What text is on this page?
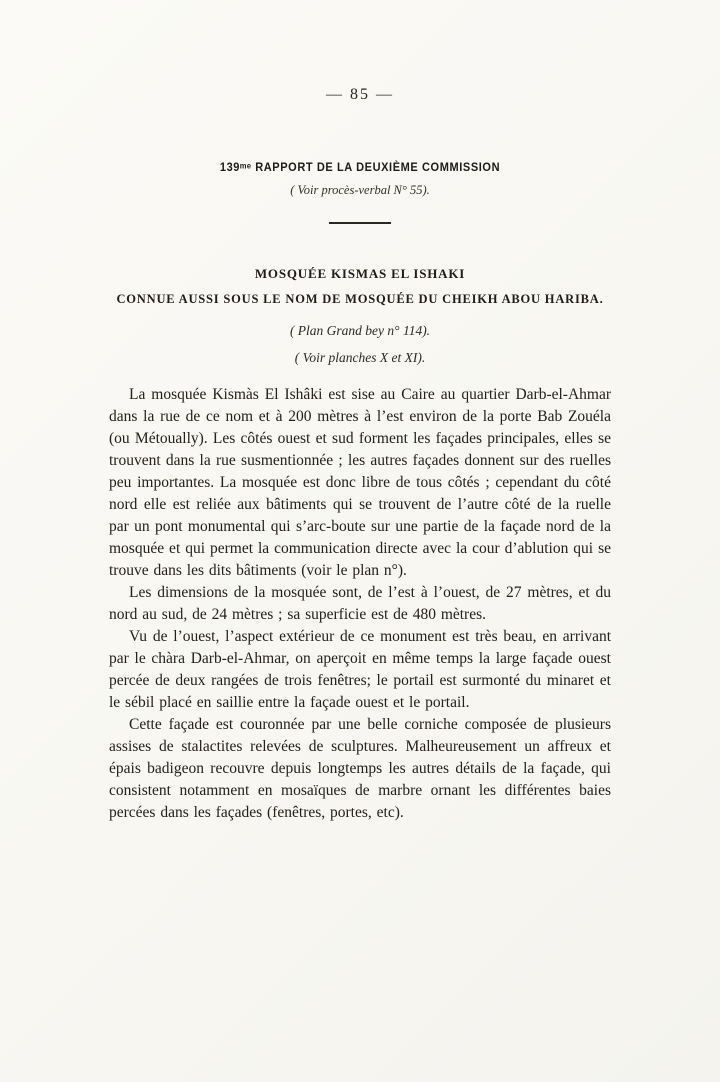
— 85 —
139ᵐᵉ RAPPORT DE LA DEUXIÈME COMMISSION
( Voir procès-verbal N° 55).
MOSQUÉE KISMAS EL ISHAKI
CONNUE AUSSI SOUS LE NOM DE MOSQUÉE DU CHEIKH ABOU HARIBA.
( Plan Grand bey n° 114).
( Voir planches X et XI).

La mosquée Kismàs El Ishâki est sise au Caire au quartier Darb-el-Ahmar dans la rue de ce nom et à 200 mètres à l’est environ de la porte Bab Zouéla (ou Métoually). Les côtés ouest et sud forment les façades principales, elles se trouvent dans la rue susmentionnée ; les autres façades donnent sur des ruelles peu importantes. La mosquée est donc libre de tous côtés ; cependant du côté nord elle est reliée aux bâtiments qui se trouvent de l’autre côté de la ruelle par un pont monumental qui s’arc-boute sur une partie de la façade nord de la mosquée et qui permet la communication directe avec la cour d’ablution qui se trouve dans les dits bâtiments (voir le plan n°).

Les dimensions de la mosquée sont, de l’est à l’ouest, de 27 mètres, et du nord au sud, de 24 mètres ; sa superficie est de 480 mètres.

Vu de l’ouest, l’aspect extérieur de ce monument est très beau, en arrivant par le chàra Darb-el-Ahmar, on aperçoit en même temps la large façade ouest percée de deux rangées de trois fenêtres; le portail est surmonté du minaret et le sébil placé en saillie entre la façade ouest et le portail.

Cette façade est couronnée par une belle corniche composée de plusieurs assises de stalactites relevées de sculptures. Malheureusement un affreux et épais badigeon recouvre depuis longtemps les autres détails de la façade, qui consistent notamment en mosaïques de marbre ornant les différentes baies percées dans les façades (fenêtres, portes, etc).
